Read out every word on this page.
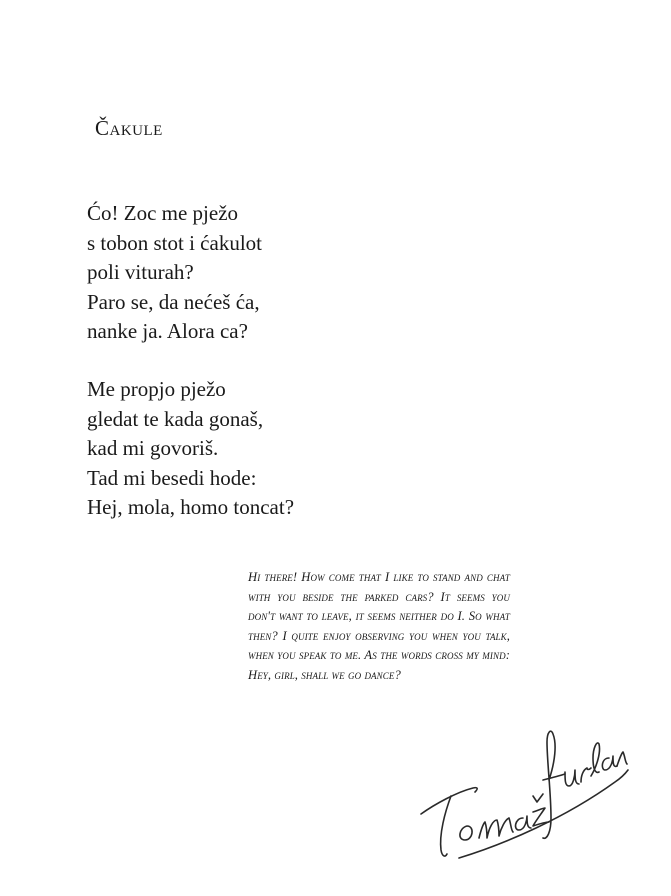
Čakule
Ćo! Zoc me pježo
s tobon stot i ćakulot
poli viturah?
Paro se, da nećeš ća,
nanke ja. Alora ca?
Me propjo pježo
gledat te kada gonaš,
kad mi govoriš.
Tad mi besedi hode:
Hej, mola, homo toncat?

Hi there! How come that I like to stand and chat with you beside the parked cars? It seems you don't want to leave, it seems neither do I. So what then? I quite enjoy observing you when you talk, when you speak to me. As the words cross my mind: Hey, girl, shall we go dance?
